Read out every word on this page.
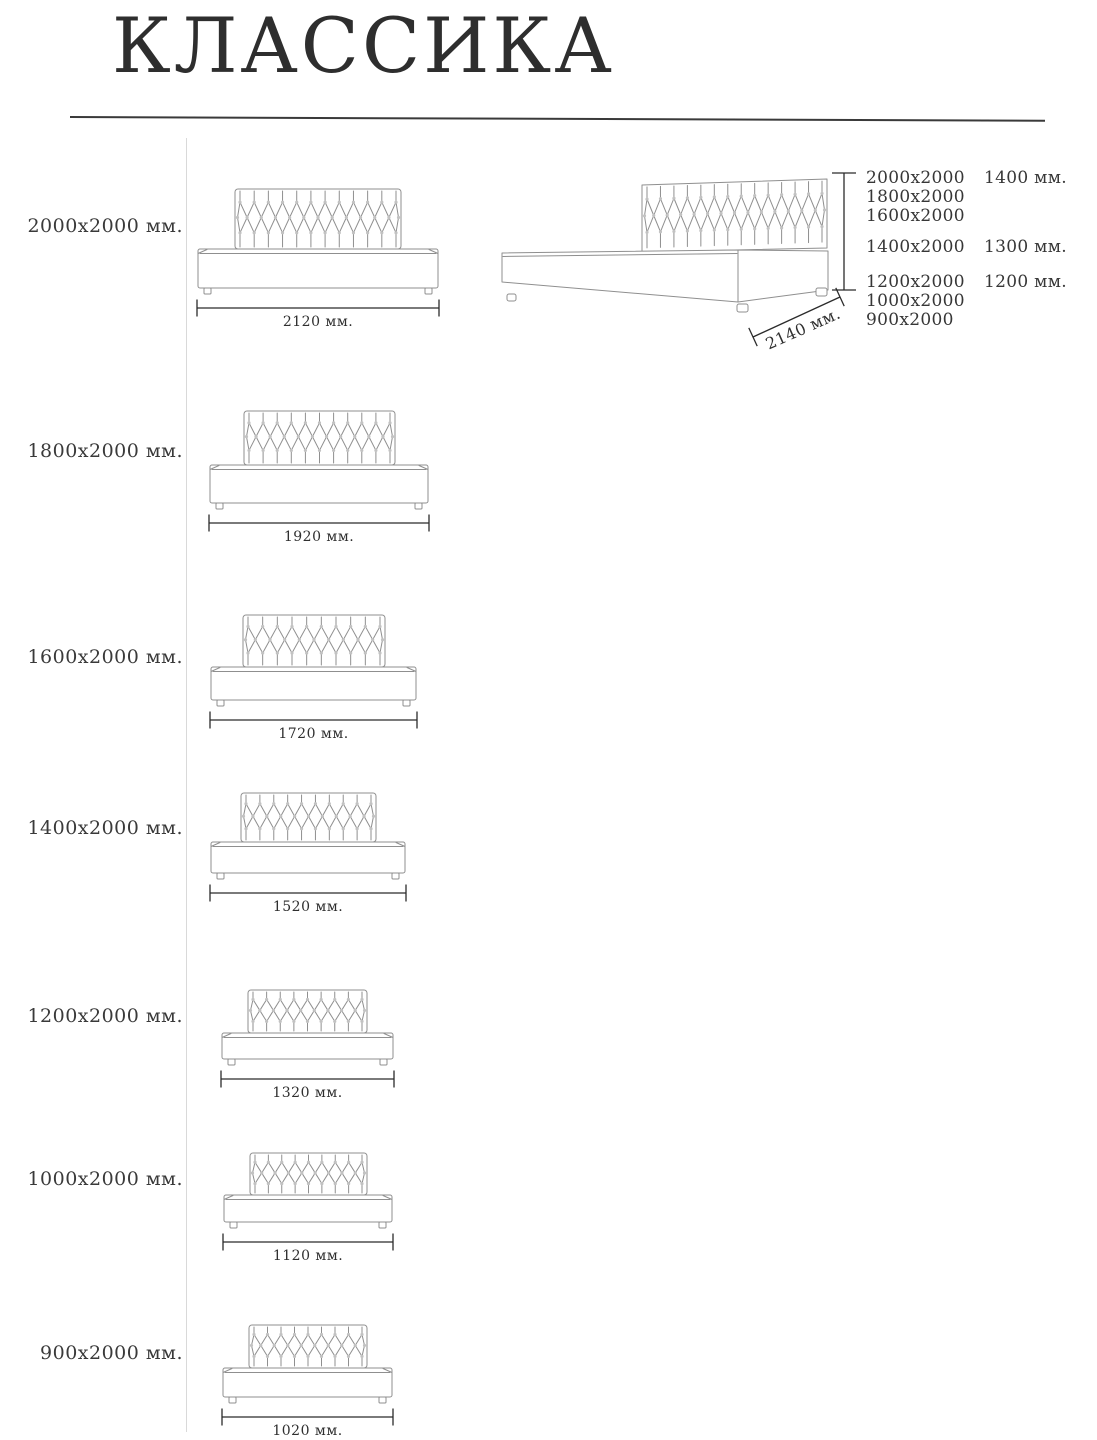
КЛАССИКА
2000x2000 мм.
1800x2000 мм.
1600x2000 мм.
1400x2000 мм.
1200x2000 мм.
1000x2000 мм.
900x2000 мм.
2120 мм.
1920 мм.
1720 мм.
1520 мм.
1320 мм.
1120 мм.
1020 мм.
2140 мм.
2000x2000
1800x2000
1600x2000
1400x2000
1200x2000
1000x2000
900x2000
1400 мм.
1300 мм.
1200 мм.
